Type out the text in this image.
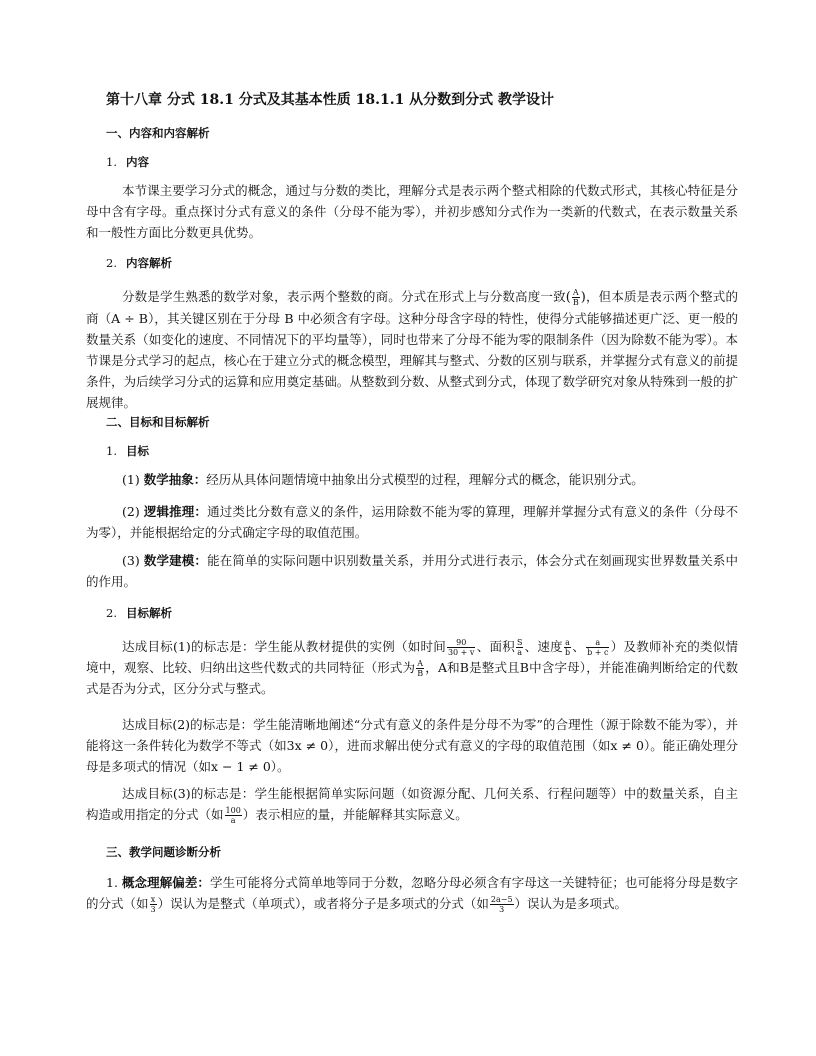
第十八章 分式 18.1 分式及其基本性质 18.1.1 从分数到分式 教学设计
一、内容和内容解析
1. 内容
本节课主要学习分式的概念，通过与分数的类比，理解分式是表示两个整式相除的代数式形式，其核心特征是分母中含有字母。重点探讨分式有意义的条件（分母不能为零），并初步感知分式作为一类新的代数式，在表示数量关系和一般性方面比分数更具优势。
2. 内容解析
分数是学生熟悉的数学对象，表示两个整数的商。分式在形式上与分数高度一致( $\frac{A}{B}$ )，但本质是表示两个整式的商（A ÷ B），其关键区别在于分母 B 中必须含有字母。这种分母含字母的特性，使得分式能够描述更广泛、更一般的数量关系（如变化的速度、不同情况下的平均量等），同时也带来了分母不能为零的限制条件（因为除数不能为零）。本节课是分式学习的起点，核心在于建立分式的概念模型，理解其与整式、分数的区别与联系，并掌握分式有意义的前提条件，为后续学习分式的运算和应用奠定基础。从整数到分数、从整式到分式，体现了数学研究对象从特殊到一般的扩展规律。
二、目标和目标解析
1. 目标
(1) 数学抽象：经历从具体问题情境中抽象出分式模型的过程，理解分式的概念，能识别分式。
(2) 逻辑推理：通过类比分数有意义的条件，运用除数不能为零的算理，理解并掌握分式有意义的条件（分母不为零），并能根据给定的分式确定字母的取值范围。
(3) 数学建模：能在简单的实际问题中识别数量关系，并用分式进行表示，体会分式在刻画现实世界数量关系中的作用。
2. 目标解析
达成目标(1)的标志是：学生能从教材提供的实例（如时间 $\frac{90}{30 + v}$ 、面积 $\frac{S}{a}$ 、速度 $\frac{a}{b}$ 、 $\frac{a}{b + c}$ ）及教师补充的类似情境中，观察、比较、归纳出这些代数式的共同特征（形式为 $\frac{A}{B}$ ，A和B是整式且B中含字母），并能准确判断给定的代数式是否为分式，区分分式与整式。
达成目标(2)的标志是：学生能清晰地阐述“分式有意义的条件是分母不为零”的合理性（源于除数不能为零），并能将这一条件转化为数学不等式（如3x ≠ 0），进而求解出使分式有意义的字母的取值范围（如x ≠ 0）。能正确处理分母是多项式的情况（如x − 1 ≠ 0）。
达成目标(3)的标志是：学生能根据简单实际问题（如资源分配、几何关系、行程问题等）中的数量关系，自主构造或用指定的分式（如 $\frac{100}{a}$ ）表示相应的量，并能解释其实际意义。
三、教学问题诊断分析
1. 概念理解偏差：学生可能将分式简单地等同于分数，忽略分母必须含有字母这一关键特征；也可能将分母是数字的分式（如 $\frac{x}{3}$ ）误认为是整式（单项式），或者将分子是多项式的分式（如 $\frac{2a-5}{3}$ ）误认为是多项式。
